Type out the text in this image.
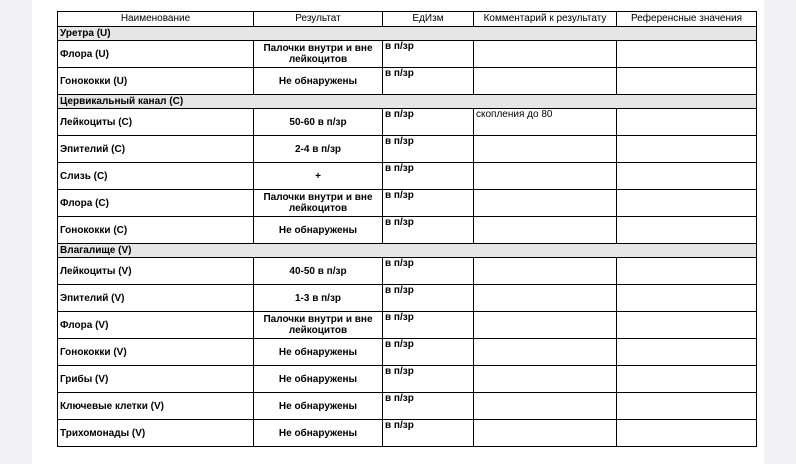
Наименование	Результат	ЕдИзм	Комментарий к результату	Референсные значения
Уретра (U)				
Флора (U)	Палочки внутри и вне лейкоцитов	в п/зр		
Гонококки (U)	Не обнаружены	в п/зр		
Цервикальный канал (C)				
Лейкоциты (C)	50-60 в п/зр	в п/зр	скопления до 80	
Эпителий (C)	2-4 в п/зр	в п/зр		
Слизь (C)	+	в п/зр		
Флора (C)	Палочки внутри и вне лейкоцитов	в п/зр		
Гонококки (C)	Не обнаружены	в п/зр		
Влагалище (V)				
Лейкоциты (V)	40-50 в п/зр	в п/зр		
Эпителий (V)	1-3 в п/зр	в п/зр		
Флора (V)	Палочки внутри и вне лейкоцитов	в п/зр		
Гонококки (V)	Не обнаружены	в п/зр		
Грибы (V)	Не обнаружены	в п/зр		
Ключевые клетки (V)	Не обнаружены	в п/зр		
Трихомонады (V)	Не обнаружены	в п/зр		
